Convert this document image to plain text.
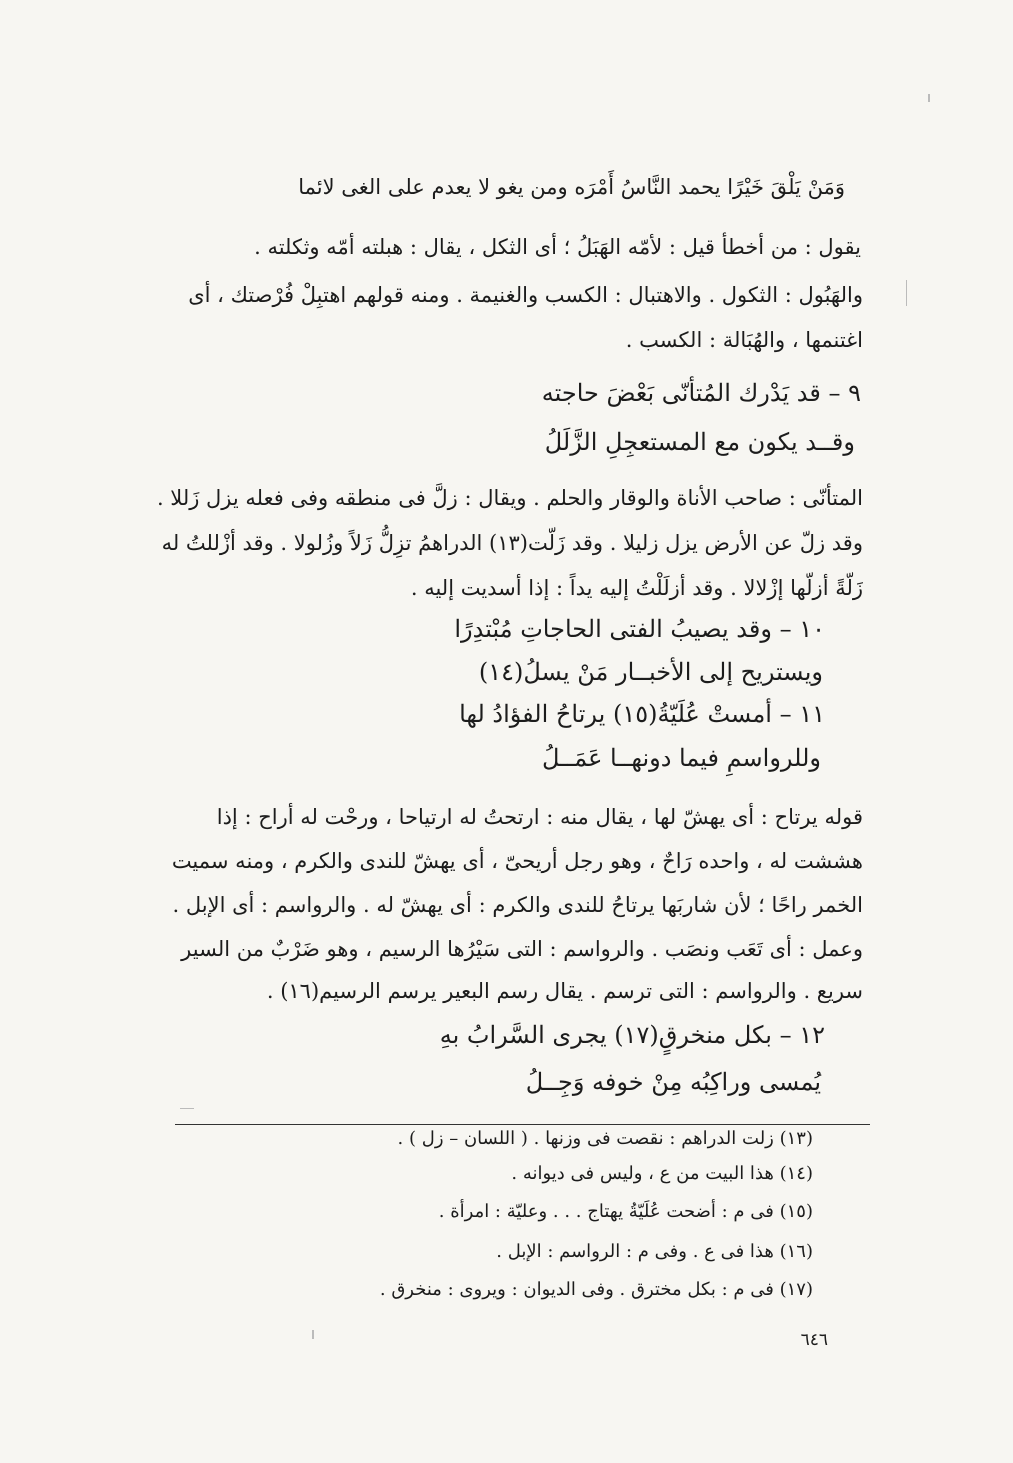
وَمَنْ يَلْقَ خَيْرًا يحمد النَّاسُ أَمْرَه ومن يغو لا يعدم على الغى لائما
يقول : من أخطأ قيل : لأمّه الهَبَلُ ؛ أى الثكل ، يقال : هبلته أمّه وثكلته .
والهَبُول : الثكول . والاهتبال : الكسب والغنيمة . ومنه قولهم اهتبِلْ فُرْصتك ، أى
اغتنمها ، والهُبَالة : الكسب .
٩ – قد يَدْرك المُتأنّى بَعْضَ حاجته
وقــد يكون مع المستعجِلِ الزَّلَلُ
المتأنّى : صاحب الأناة والوقار والحلم . ويقال : زلَّ فى منطقه وفى فعله يزل زَللا .
وقد زلّ عن الأرض يزل زليلا . وقد زَلّت(١٣) الدراهمُ تزِلُّ زَلاً وزُلولا . وقد أزْللتُ له
زَلّةً أزلّها إزْلالا . وقد أزلَلْتُ إليه يداً : إذا أسديت إليه .
١٠ – وقد يصيبُ الفتى الحاجاتِ مُبْتدِرًا
ويستريح إلى الأخبــار مَنْ يسلُ(١٤)
١١ – أمستْ عُلَيّةُ(١٥) يرتاحُ الفؤادُ لها
وللرواسمِ فيما دونهــا عَمَــلُ
قوله يرتاح : أى يهشّ لها ، يقال منه : ارتحتُ له ارتياحا ، ورحْت له أراح : إذا
هششت له ، واحده رَاحٌ ، وهو رجل أريحىّ ، أى يهشّ للندى والكرم ، ومنه سميت
الخمر راحًا ؛ لأن شاربَها يرتاحُ للندى والكرم : أى يهشّ له . والرواسم : أى الإبل .
وعمل : أى تَعَب ونصَب . والرواسم : التى سَيْرُها الرسيم ، وهو ضَرْبٌ من السير
سريع . والرواسم : التى ترسم . يقال رسم البعير يرسم الرسيم(١٦) .
١٢ – بكل منخرقٍ(١٧) يجرى السَّرابُ بهِ
يُمسى وراكِبُه مِنْ خوفه وَجِــلُ
(١٣) زلت الدراهم : نقصت فى وزنها . ( اللسان – زل ) .
(١٤) هذا البيت من ع ، وليس فى ديوانه .
(١٥) فى م : أضحت عُلَيّةُ يهتاج . . . وعليّة : امرأة .
(١٦) هذا فى ع . وفى م : الرواسم : الإبل .
(١٧) فى م : بكل مخترق . وفى الديوان : ويروى : منخرق .
٦٤٦
